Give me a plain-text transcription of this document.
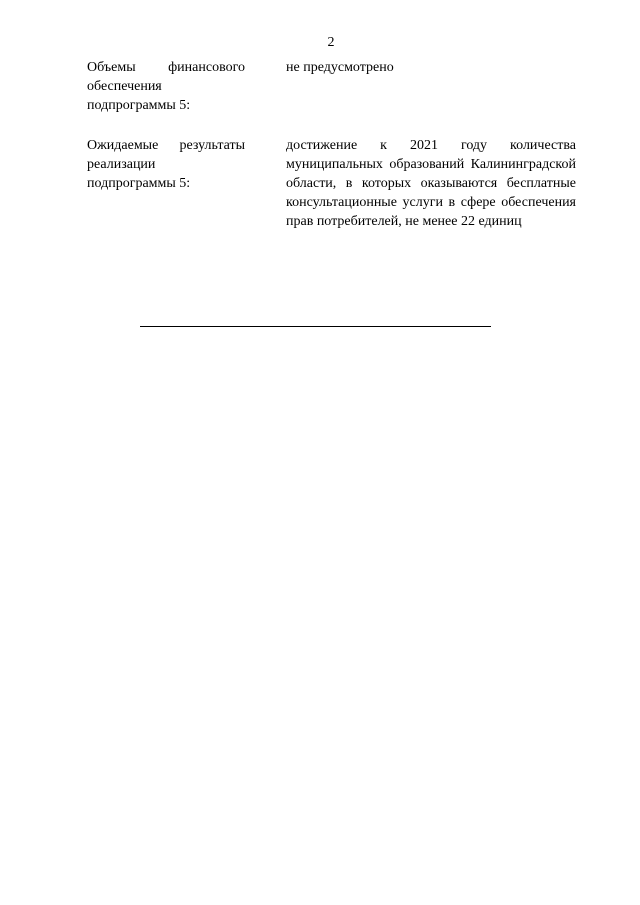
2
Объемы финансового обеспечения подпрограммы 5:
не предусмотрено
Ожидаемые результаты реализации подпрограммы 5:
достижение к 2021 году количества муниципальных образований Калининградской области, в которых оказываются бесплатные консультационные услуги в сфере обеспечения прав потребителей, не менее 22 единиц
